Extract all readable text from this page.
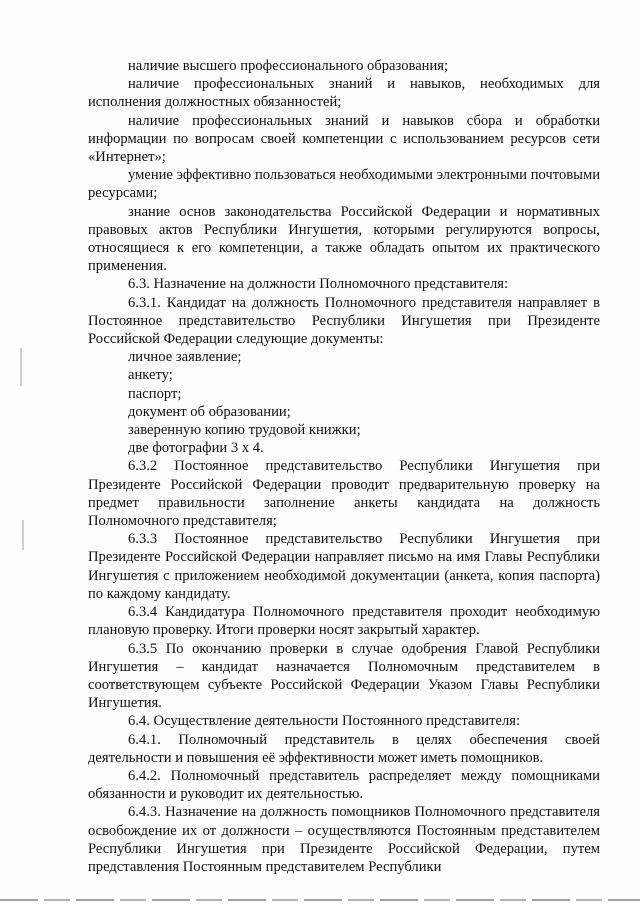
наличие высшего профессионального образования;

наличие профессиональных знаний и навыков, необходимых для исполнения должностных обязанностей;

наличие профессиональных знаний и навыков сбора и обработки информации по вопросам своей компетенции с использованием ресурсов сети «Интернет»;

умение эффективно пользоваться необходимыми электронными почтовыми ресурсами;

знание основ законодательства Российской Федерации и нормативных правовых актов Республики Ингушетия, которыми регулируются вопросы, относящиеся к его компетенции, а также обладать опытом их практического применения.

6.3. Назначение на должности Полномочного представителя:

6.3.1. Кандидат на должность Полномочного представителя направляет в Постоянное представительство Республики Ингушетия при Президенте Российской Федерации следующие документы:

личное заявление;

анкету;

паспорт;

документ об образовании;

заверенную копию трудовой книжки;

две фотографии 3 х 4.

6.3.2 Постоянное представительство Республики Ингушетия при Президенте Российской Федерации проводит предварительную проверку на предмет правильности заполнение анкеты кандидата на должность Полномочного представителя;

6.3.3 Постоянное представительство Республики Ингушетия при Президенте Российской Федерации направляет письмо на имя Главы Республики Ингушетия с приложением необходимой документации (анкета, копия паспорта) по каждому кандидату.

6.3.4 Кандидатура Полномочного представителя проходит необходимую плановую проверку. Итоги проверки носят закрытый характер.

6.3.5 По окончанию проверки в случае одобрения Главой Республики Ингушетия – кандидат назначается Полномочным представителем в соответствующем субъекте Российской Федерации Указом Главы Республики Ингушетия.

6.4. Осуществление деятельности Постоянного представителя:

6.4.1. Полномочный представитель в целях обеспечения своей деятельности и повышения её эффективности может иметь помощников.

6.4.2. Полномочный представитель распределяет между помощниками обязанности и руководит их деятельностью.

6.4.3. Назначение на должность помощников Полномочного представителя освобождение их от должности – осуществляются Постоянным представителем Республики Ингушетия при Президенте Российской Федерации, путем представления Постоянным представителем Республики
